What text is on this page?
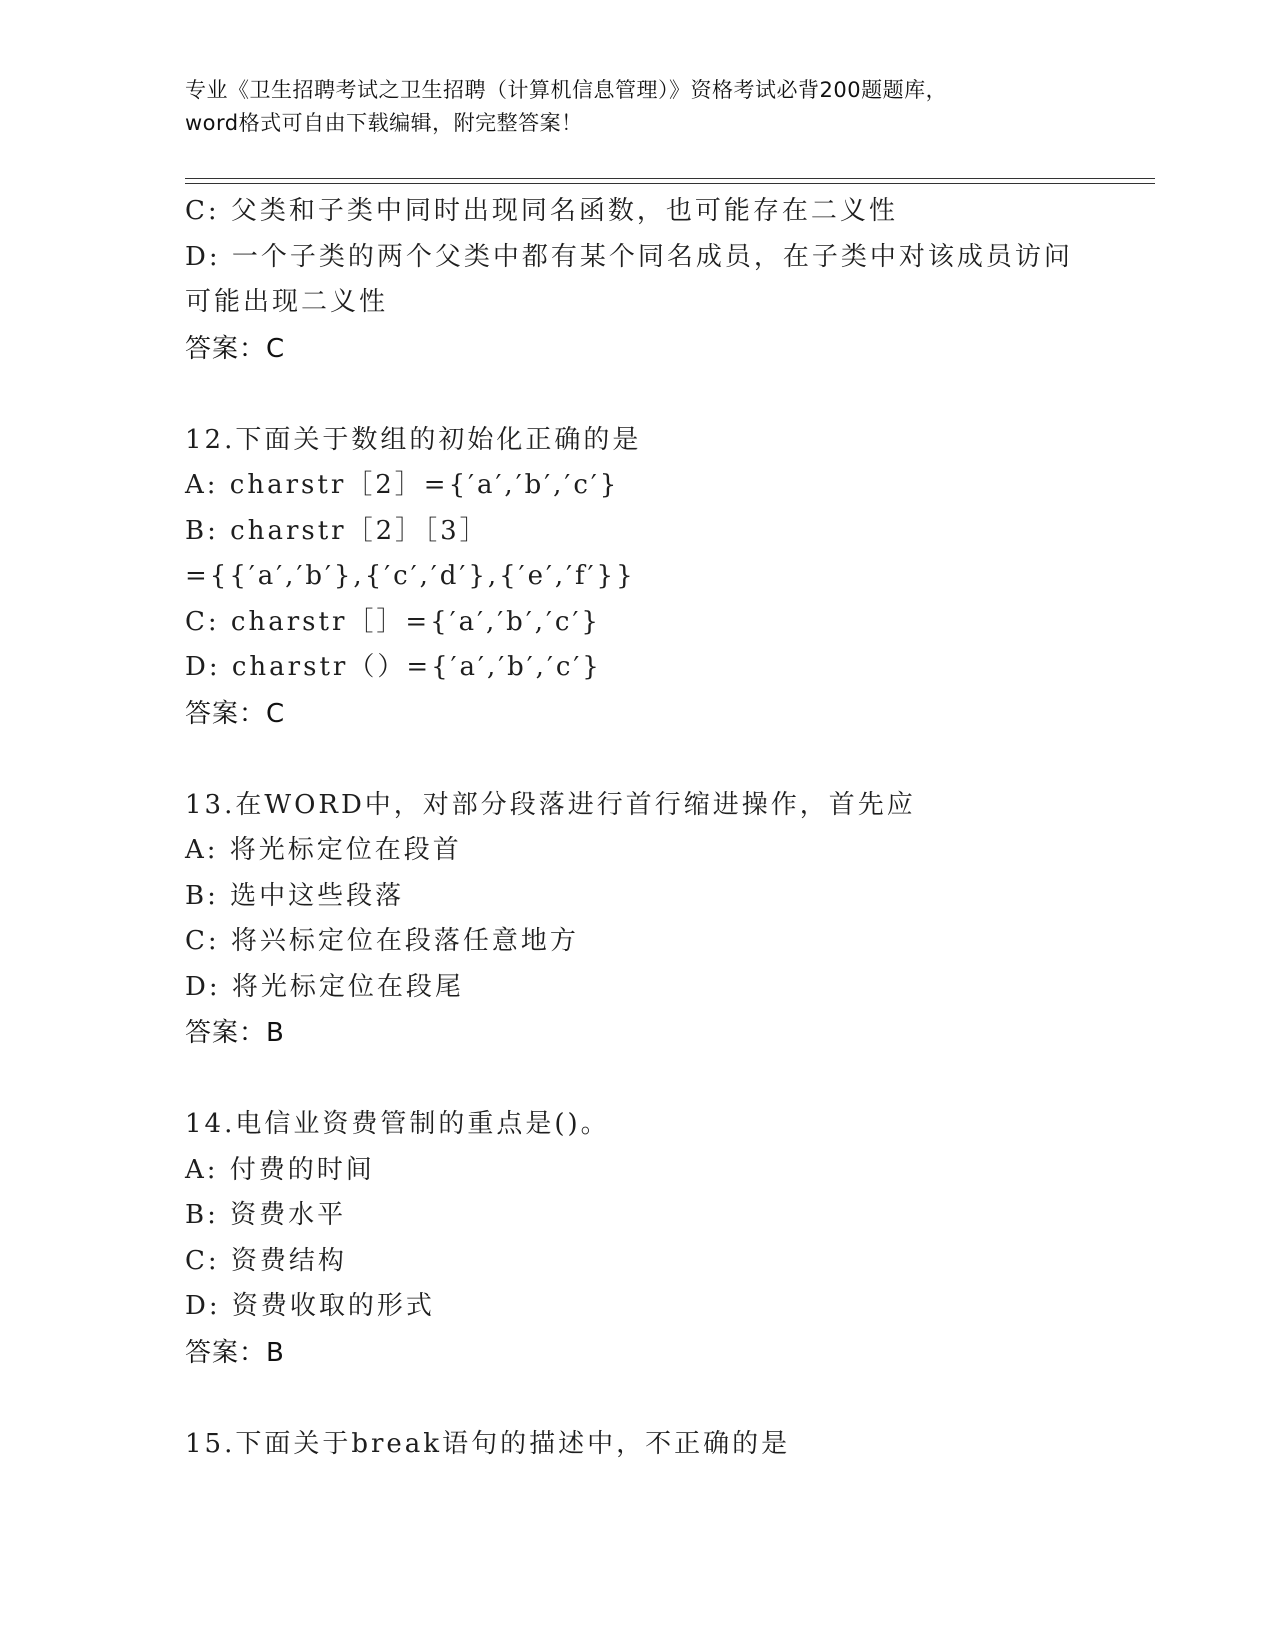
专业《卫生招聘考试之卫生招聘（计算机信息管理）》资格考试必背200题题库，
word格式可自由下载编辑，附完整答案！
C: 父类和子类中同时出现同名函数，也可能存在二义性
D: 一个子类的两个父类中都有某个同名成员，在子类中对该成员访问
可能出现二义性
答案：C
12.下面关于数组的初始化正确的是
A: charstr［2］={′a′,′b′,′c′}
B: charstr［2］［3］
={{′a′,′b′},{′c′,′d′},{′e′,′f′}}
C: charstr［］={′a′,′b′,′c′}
D: charstr（）={′a′,′b′,′c′}
答案：C
13.在WORD中，对部分段落进行首行缩进操作，首先应
A: 将光标定位在段首
B: 选中这些段落
C: 将兴标定位在段落任意地方
D: 将光标定位在段尾
答案：B
14.电信业资费管制的重点是()。
A: 付费的时间
B: 资费水平
C: 资费结构
D: 资费收取的形式
答案：B
15.下面关于break语句的描述中，不正确的是
